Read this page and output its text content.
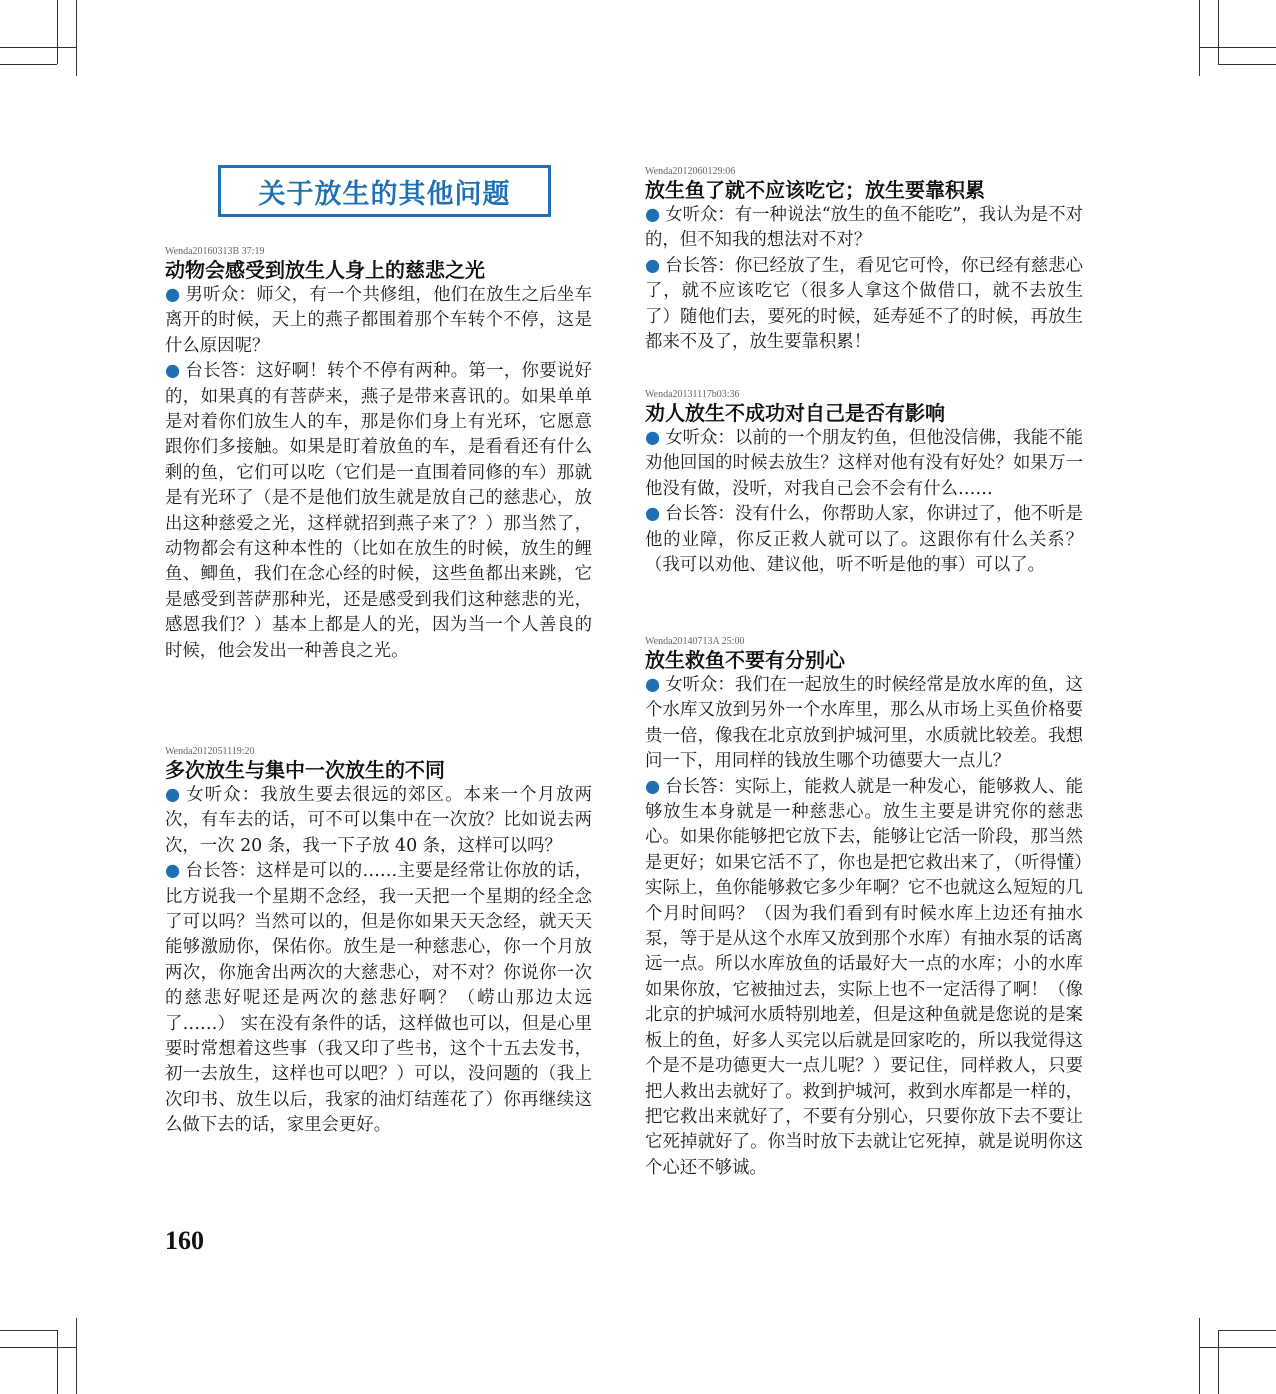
关于放生的其他问题

Wenda20160313B 37:19

动物会感受到放生人身上的慈悲之光

● 男听众：师父，有一个共修组，他们在放生之后坐车离开的时候，天上的燕子都围着那个车转个不停，这是什么原因呢？

● 台长答：这好啊！转个不停有两种。第一，你要说好的，如果真的有菩萨来，燕子是带来喜讯的。如果单单是对着你们放生人的车，那是你们身上有光环，它愿意跟你们多接触。如果是盯着放鱼的车，是看看还有什么剩的鱼，它们可以吃（它们是一直围着同修的车）那就是有光环了（是不是他们放生就是放自己的慈悲心，放出这种慈爱之光，这样就招到燕子来了？）那当然了，动物都会有这种本性的（比如在放生的时候，放生的鲤鱼、鲫鱼，我们在念心经的时候，这些鱼都出来跳，它是感受到菩萨那种光，还是感受到我们这种慈悲的光，感恩我们？）基本上都是人的光，因为当一个人善良的时候，他会发出一种善良之光。

Wenda2012051119:20

多次放生与集中一次放生的不同

● 女听众：我放生要去很远的郊区。本来一个月放两次，有车去的话，可不可以集中在一次放？比如说去两次，一次 20 条，我一下子放 40 条，这样可以吗？

● 台长答：这样是可以的……主要是经常让你放的话，比方说我一个星期不念经，我一天把一个星期的经全念了可以吗？当然可以的，但是你如果天天念经，就天天能够激励你，保佑你。放生是一种慈悲心，你一个月放两次，你施舍出两次的大慈悲心，对不对？你说你一次的慈悲好呢还是两次的慈悲好啊？（崂山那边太远了……） 实在没有条件的话，这样做也可以，但是心里要时常想着这些事（我又印了些书，这个十五去发书，初一去放生，这样也可以吧？）可以，没问题的（我上次印书、放生以后，我家的油灯结莲花了）你再继续这么做下去的话，家里会更好。

Wenda2012060129:06

放生鱼了就不应该吃它；放生要靠积累

● 女听众：有一种说法“放生的鱼不能吃”，我认为是不对的，但不知我的想法对不对？

● 台长答：你已经放了生，看见它可怜，你已经有慈悲心了，就不应该吃它（很多人拿这个做借口，就不去放生了）随他们去，要死的时候，延寿延不了的时候，再放生都来不及了，放生要靠积累！

Wenda20131117b03:36

劝人放生不成功对自己是否有影响

● 女听众：以前的一个朋友钓鱼，但他没信佛，我能不能劝他回国的时候去放生？这样对他有没有好处？如果万一他没有做，没听，对我自己会不会有什么……

● 台长答：没有什么，你帮助人家，你讲过了，他不听是他的业障，你反正救人就可以了。这跟你有什么关系？（我可以劝他、建议他，听不听是他的事）可以了。

Wenda20140713A 25:00

放生救鱼不要有分别心

● 女听众：我们在一起放生的时候经常是放水库的鱼，这个水库又放到另外一个水库里，那么从市场上买鱼价格要贵一倍，像我在北京放到护城河里，水质就比较差。我想问一下，用同样的钱放生哪个功德要大一点儿？

● 台长答：实际上，能救人就是一种发心，能够救人、能够放生本身就是一种慈悲心。放生主要是讲究你的慈悲心。如果你能够把它放下去，能够让它活一阶段，那当然是更好；如果它活不了，你也是把它救出来了，（听得懂）实际上，鱼你能够救它多少年啊？它不也就这么短短的几个月时间吗？（因为我们看到有时候水库上边还有抽水泵，等于是从这个水库又放到那个水库）有抽水泵的话离远一点。所以水库放鱼的话最好大一点的水库；小的水库如果你放，它被抽过去，实际上也不一定活得了啊！（像北京的护城河水质特别地差，但是这种鱼就是您说的是案板上的鱼，好多人买完以后就是回家吃的，所以我觉得这个是不是功德更大一点儿呢？）要记住，同样救人，只要把人救出去就好了。救到护城河，救到水库都是一样的，把它救出来就好了，不要有分别心，只要你放下去不要让它死掉就好了。你当时放下去就让它死掉，就是说明你这个心还不够诚。

160
